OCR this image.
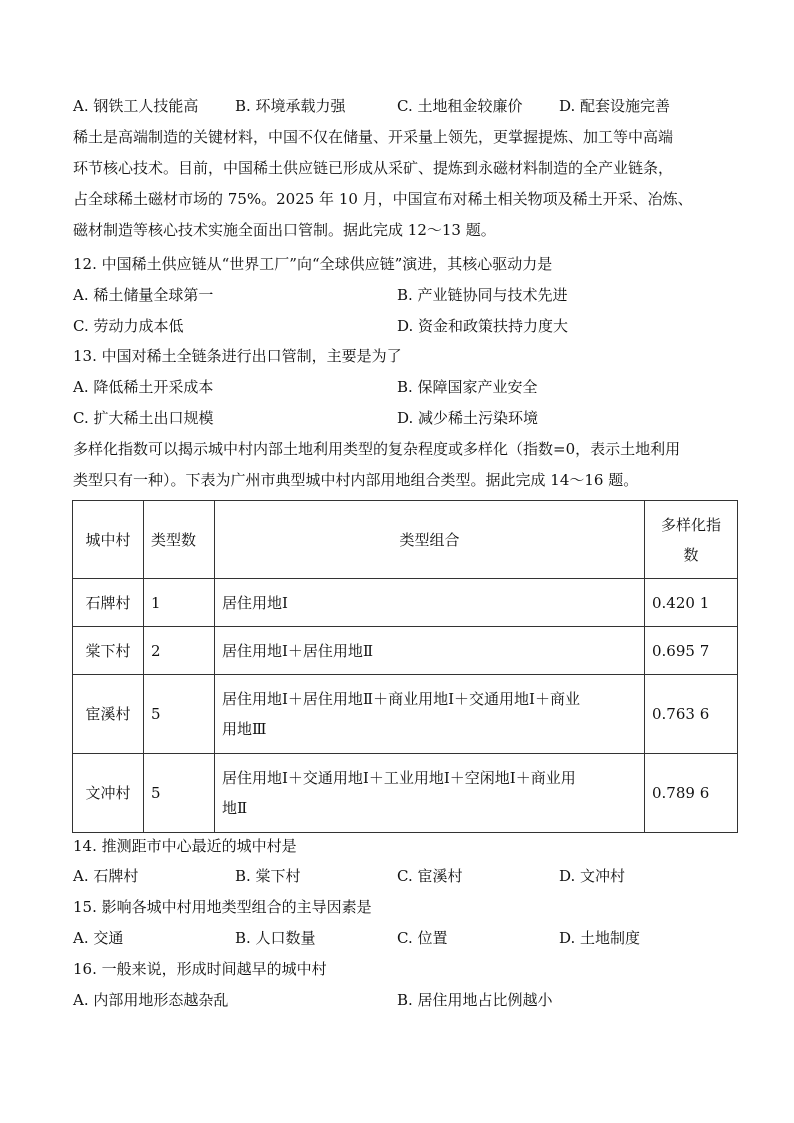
A. 钢铁工人技能高 B. 环境承载力强	C. 土地租金较廉价 D. 配套设施完善
稀土是高端制造的关键材料，中国不仅在储量、开采量上领先，更掌握提炼、加工等中高端
环节核心技术。目前，中国稀土供应链已形成从采矿、提炼到永磁材料制造的全产业链条，
占全球稀土磁材市场的 75%。2025 年 10 月，中国宣布对稀土相关物项及稀土开采、冶炼、
磁材制造等核心技术实施全面出口管制。据此完成 12～13 题。
12. 中国稀土供应链从“世界工厂”向“全球供应链”演进，其核心驱动力是
A. 稀土储量全球第一	B. 产业链协同与技术先进
C. 劳动力成本低	D. 资金和政策扶持力度大
13. 中国对稀土全链条进行出口管制，主要是为了
A. 降低稀土开采成本	B. 保障国家产业安全
C. 扩大稀土出口规模	D. 减少稀土污染环境
多样化指数可以揭示城中村内部土地利用类型的复杂程度或多样化（指数=0，表示土地利用
类型只有一种）。下表为广州市典型城中村内部用地组合类型。据此完成 14～16 题。
城中村	类型数	类型组合	多样化指
数

石牌村	1	居住用地Ⅰ	0.420 1
棠下村	2	居住用地Ⅰ＋居住用地Ⅱ	0.695 7
宦溪村	5	居住用地Ⅰ＋居住用地Ⅱ＋商业用地Ⅰ＋交通用地Ⅰ＋商业
用地Ⅲ	0.763 6
文冲村	5	居住用地Ⅰ＋交通用地Ⅰ＋工业用地Ⅰ＋空闲地Ⅰ＋商业用
地Ⅱ	0.789 6
14. 推测距市中心最近的城中村是
A. 石牌村	B. 棠下村	C. 宦溪村	D. 文冲村
15. 影响各城中村用地类型组合的主导因素是
A. 交通	B. 人口数量	C. 位置	D. 土地制度
16. 一般来说，形成时间越早的城中村
A. 内部用地形态越杂乱	B. 居住用地占比例越小
